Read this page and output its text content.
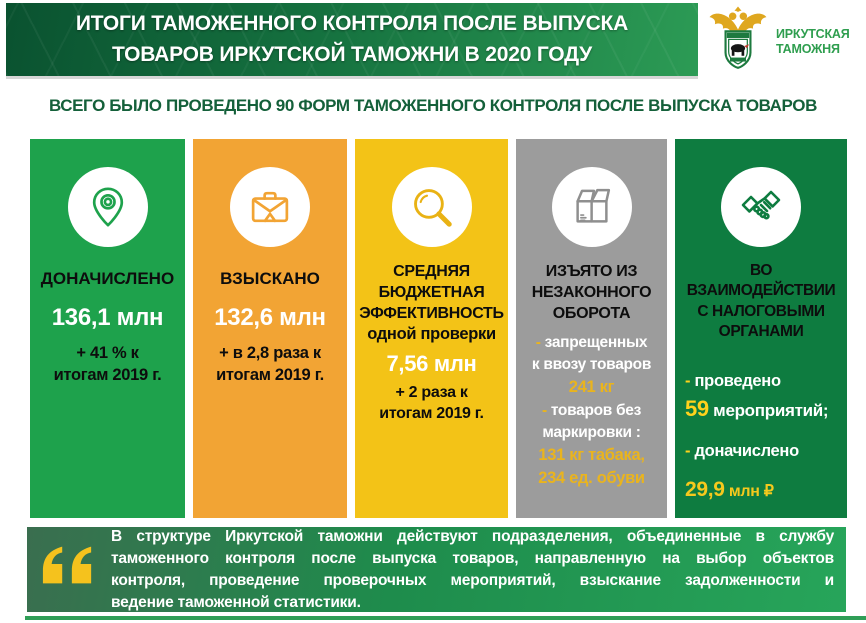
ИТОГИ ТАМОЖЕННОГО КОНТРОЛЯ ПОСЛЕ ВЫПУСКА
ТОВАРОВ ИРКУТСКОЙ ТАМОЖНИ В 2020 ГОДУ
ИРКУТСКАЯ
ТАМОЖНЯ
ВСЕГО БЫЛО ПРОВЕДЕНО 90 ФОРМ ТАМОЖЕННОГО КОНТРОЛЯ ПОСЛЕ ВЫПУСКА ТОВАРОВ
ДОНАЧИСЛЕНО
136,1 млн
+ 41 % к
итогам 2019 г.
ВЗЫСКАНО
132,6 млн
+ в 2,8 раза к
итогам 2019 г.
СРЕДНЯЯ
БЮДЖЕТНАЯ
ЭФФЕКТИВНОСТЬ
одной проверки
7,56 млн
+ 2 раза к
итогам 2019 г.
ИЗЪЯТО ИЗ
НЕЗАКОННОГО
ОБОРОТА
- запрещенных
к ввозу товаров
241 кг
- товаров без
маркировки :
131 кг табака,
234 ед. обуви
ВО
ВЗАИМОДЕЙСТВИИ
С НАЛОГОВЫМИ
ОРГАНАМИ
- проведено
59 мероприятий;
- доначислено
29,9 млн ₽
В структуре Иркутской таможни действуют подразделения, объединенные в службу
таможенного контроля после выпуска товаров, направленную на выбор объектов
контроля, проведение проверочных мероприятий, взыскание задолженности и
ведение таможенной статистики.
